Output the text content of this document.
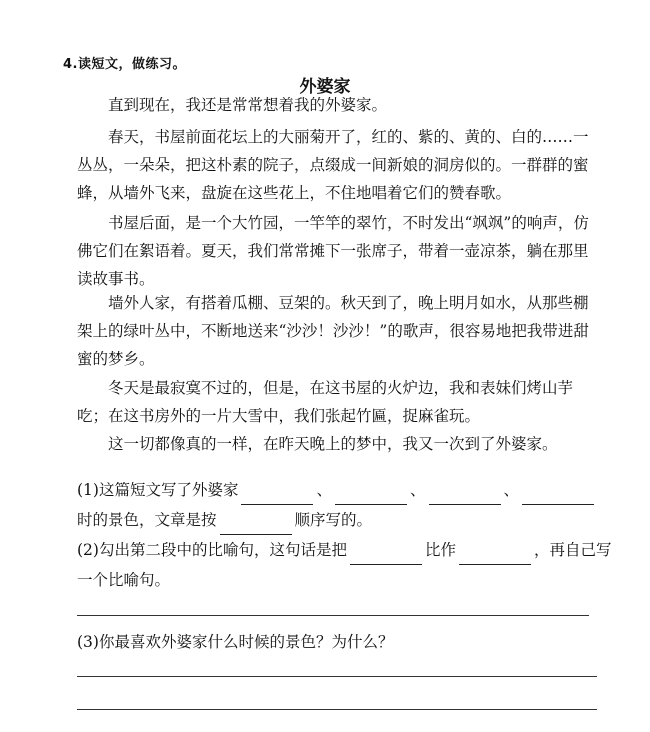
4.读短文，做练习。
外婆家

直到现在，我还是常常想着我的外婆家。

春天，书屋前面花坛上的大丽菊开了，红的、紫的、黄的、白的……一丛丛，一朵朵，把这朴素的院子，点缀成一间新娘的洞房似的。一群群的蜜蜂，从墙外飞来，盘旋在这些花上，不住地唱着它们的赞春歌。

书屋后面，是一个大竹园，一竿竿的翠竹，不时发出“飒飒”的响声，仿佛它们在絮语着。夏天，我们常常摊下一张席子，带着一壶凉茶，躺在那里读故事书。

墙外人家，有搭着瓜棚、豆架的。秋天到了，晚上明月如水，从那些棚架上的绿叶丛中，不断地送来“沙沙！沙沙！”的歌声，很容易地把我带进甜蜜的梦乡。

冬天是最寂寞不过的，但是，在这书屋的火炉边，我和表妹们烤山芋吃；在这书房外的一片大雪中，我们张起竹匾，捉麻雀玩。

这一切都像真的一样，在昨天晚上的梦中，我又一次到了外婆家。

(1)这篇短文写了外婆家	、	、	、
时的景色，文章是按	顺序写的。
(2)勾出第二段中的比喻句，这句话是把	比作	，再自己写一个比喻句。
(3)你最喜欢外婆家什么时候的景色？为什么？
